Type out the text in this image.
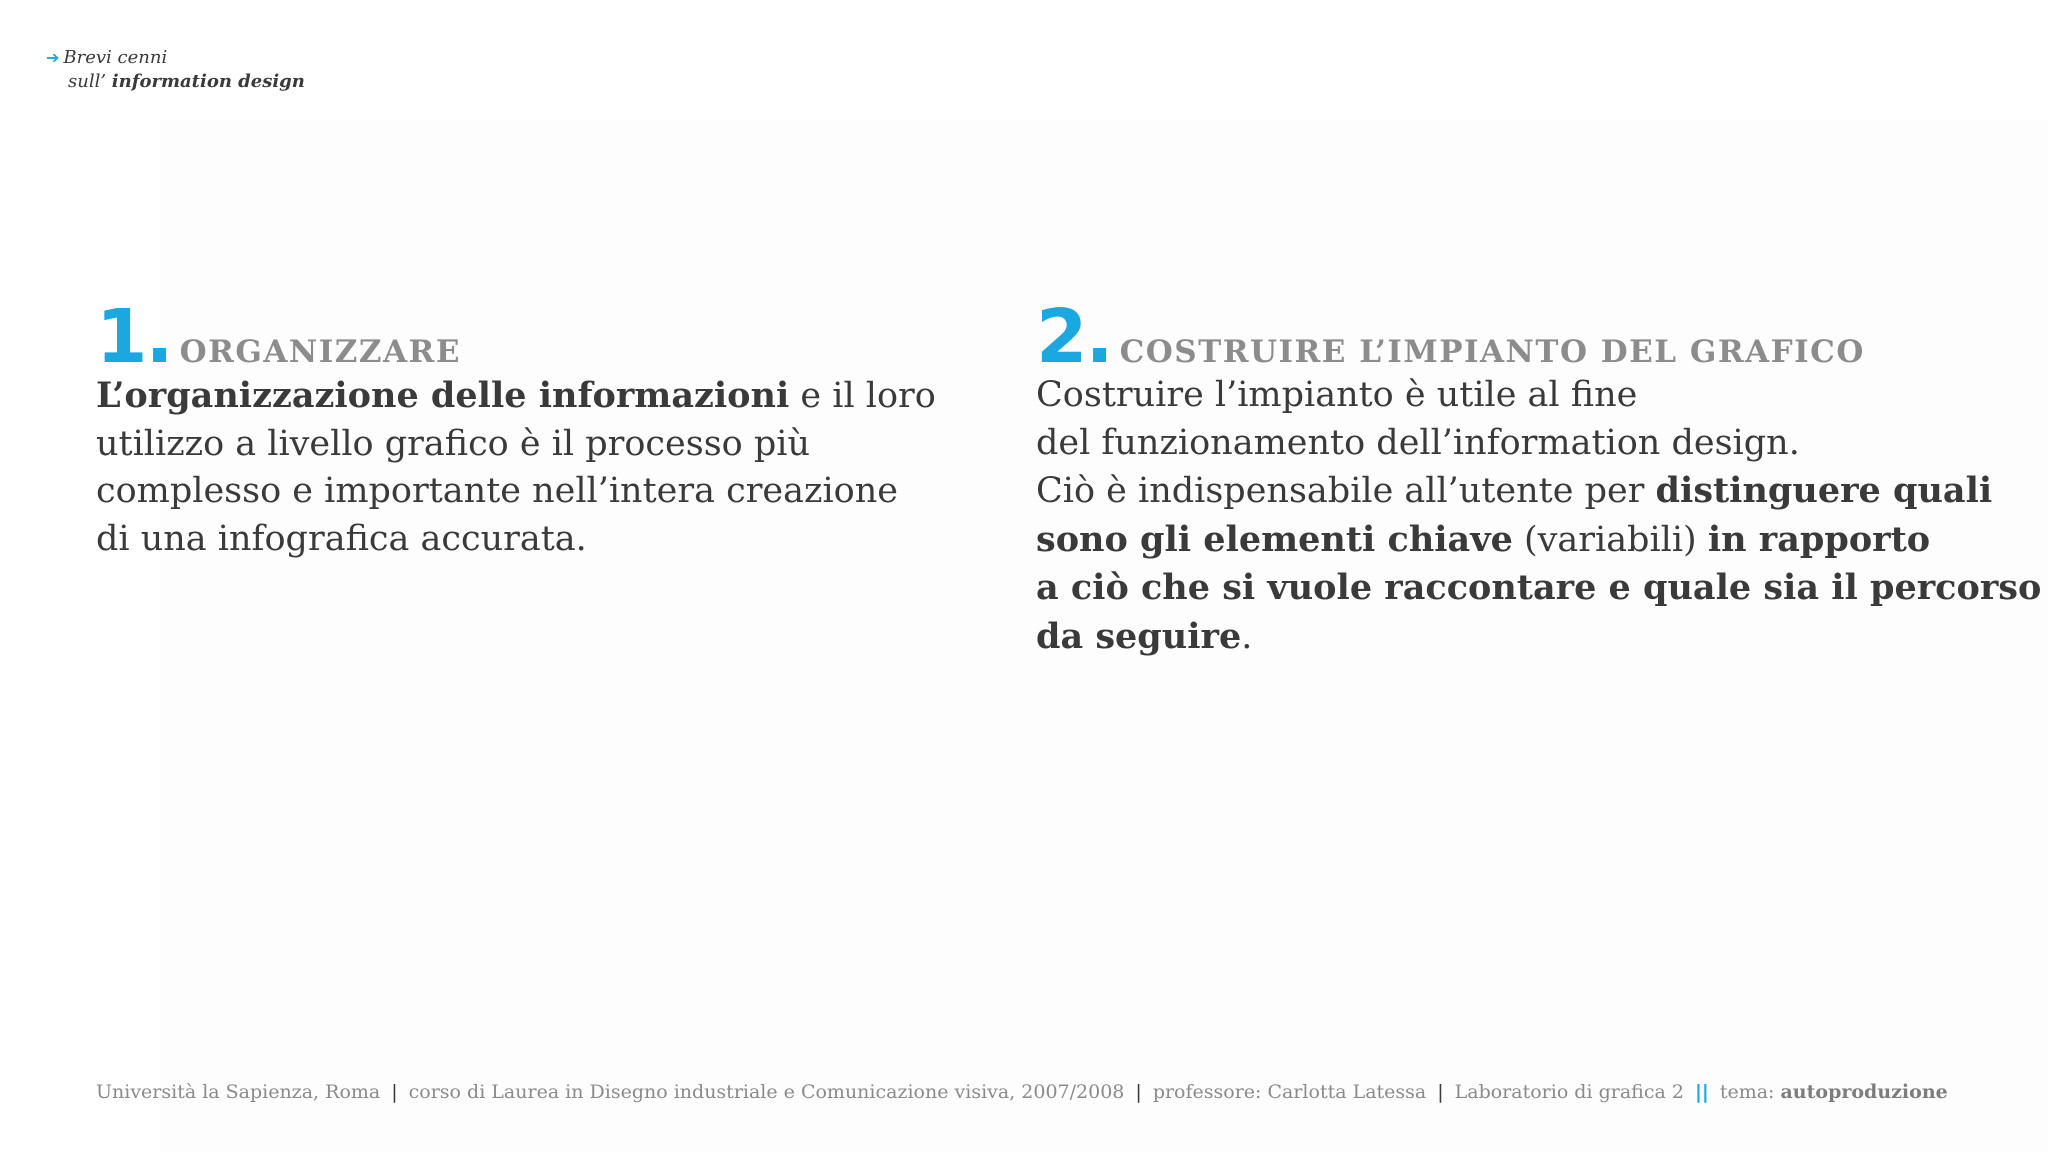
➔ Brevi cenni
sull’ information design
1. ORGANIZZARE
L’organizzazione delle informazioni e il loro
utilizzo a livello grafico è il processo più
complesso e importante nell’intera creazione
di una infografica accurata.
2. COSTRUIRE L’IMPIANTO DEL GRAFICO
Costruire l’impianto è utile al fine
del funzionamento dell’information design.
Ciò è indispensabile all’utente per distinguere quali
sono gli elementi chiave (variabili) in rapporto
a ciò che si vuole raccontare e quale sia il percorso
da seguire.
Università la Sapienza, Roma | corso di Laurea in Disegno industriale e Comunicazione visiva, 2007/2008 | professore: Carlotta Latessa | Laboratorio di grafica 2 || tema: autoproduzione
